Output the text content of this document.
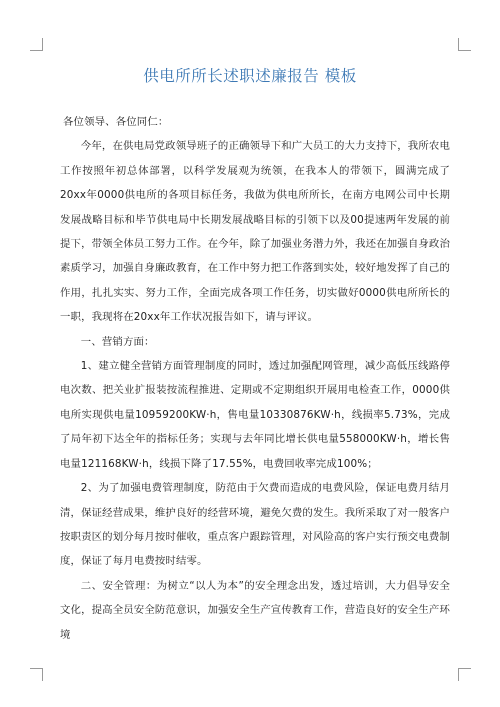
供电所所长述职述廉报告 模板

各位领导、各位同仁：

今年，在供电局党政领导班子的正确领导下和广大员工的大力支持下，我所农电工作按照年初总体部署，以科学发展观为统领，在我本人的带领下，圆满完成了20xx年0000供电所的各项目标任务，我做为供电所所长，在南方电网公司中长期发展战略目标和毕节供电局中长期发展战略目标的引领下以及00提速两年发展的前提下，带领全体员工努力工作。在今年，除了加强业务潜力外，我还在加强自身政治素质学习，加强自身廉政教育，在工作中努力把工作落到实处，较好地发挥了自己的作用，扎扎实实、努力工作，全面完成各项工作任务，切实做好0000供电所所长的一职，我现将在20xx年工作状况报告如下，请与评议。

一、营销方面：

1、建立健全营销方面管理制度的同时，透过加强配网管理，减少高低压线路停电次数、把关业扩报装按流程推进、定期或不定期组织开展用电检查工作，0000供电所实现供电量10959200KW·h，售电量10330876KW·h，线损率5.73%，完成了局年初下达全年的指标任务；实现与去年同比增长供电量558000KW·h，增长售电量121168KW·h，线损下降了17.55%，电费回收率完成100%；

2、为了加强电费管理制度，防范由于欠费而造成的电费风险，保证电费月结月清，保证经营成果，维护良好的经营环境，避免欠费的发生。我所采取了对一般客户按职责区的划分每月按时催收，重点客户跟踪管理，对风险高的客户实行预交电费制度，保证了每月电费按时结零。

二、安全管理：为树立“以人为本”的安全理念出发，透过培训，大力倡导安全文化，提高全员安全防范意识，加强安全生产宣传教育工作，营造良好的安全生产环境
